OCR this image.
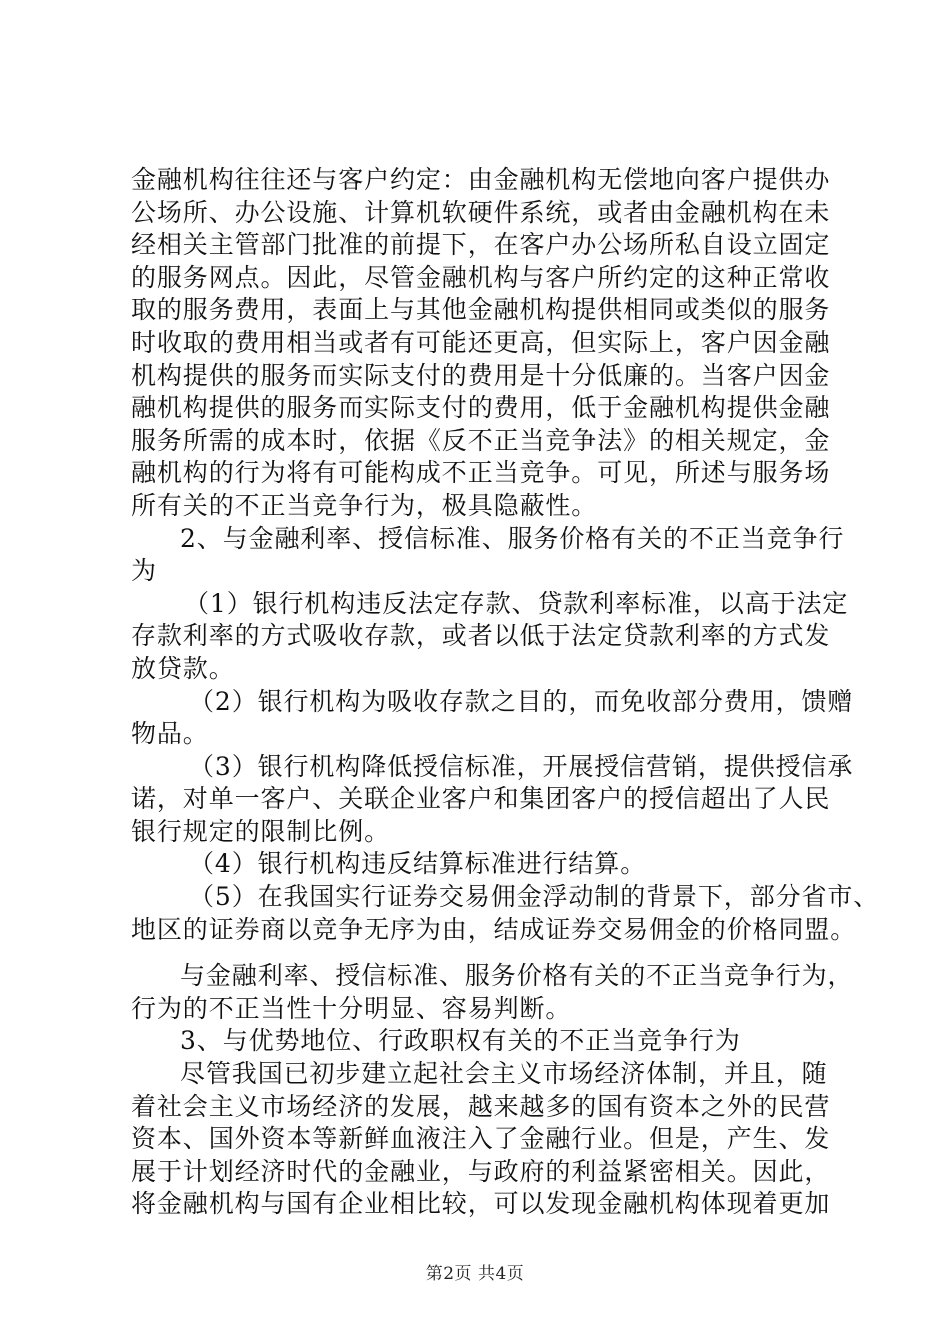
金融机构往往还与客户约定：由金融机构无偿地向客户提供办
公场所、办公设施、计算机软硬件系统，或者由金融机构在未
经相关主管部门批准的前提下，在客户办公场所私自设立固定
的服务网点。因此，尽管金融机构与客户所约定的这种正常收
取的服务费用，表面上与其他金融机构提供相同或类似的服务
时收取的费用相当或者有可能还更高，但实际上，客户因金融
机构提供的服务而实际支付的费用是十分低廉的。当客户因金
融机构提供的服务而实际支付的费用，低于金融机构提供金融
服务所需的成本时，依据《反不正当竞争法》的相关规定，金
融机构的行为将有可能构成不正当竞争。可见，所述与服务场
所有关的不正当竞争行为，极具隐蔽性。
2、与金融利率、授信标准、服务价格有关的不正当竞争行
为
（1）银行机构违反法定存款、贷款利率标准，以高于法定
存款利率的方式吸收存款，或者以低于法定贷款利率的方式发
放贷款。
（2）银行机构为吸收存款之目的，而免收部分费用，馈赠
物品。
（3）银行机构降低授信标准，开展授信营销，提供授信承
诺，对单一客户、关联企业客户和集团客户的授信超出了人民
银行规定的限制比例。
（4）银行机构违反结算标准进行结算。
（5）在我国实行证券交易佣金浮动制的背景下，部分省市、
地区的证券商以竞争无序为由，结成证券交易佣金的价格同盟。
与金融利率、授信标准、服务价格有关的不正当竞争行为，
行为的不正当性十分明显、容易判断。
3、与优势地位、行政职权有关的不正当竞争行为
尽管我国已初步建立起社会主义市场经济体制，并且，随
着社会主义市场经济的发展，越来越多的国有资本之外的民营
资本、国外资本等新鲜血液注入了金融行业。但是，产生、发
展于计划经济时代的金融业，与政府的利益紧密相关。因此，
将金融机构与国有企业相比较，可以发现金融机构体现着更加
第2页 共4页
